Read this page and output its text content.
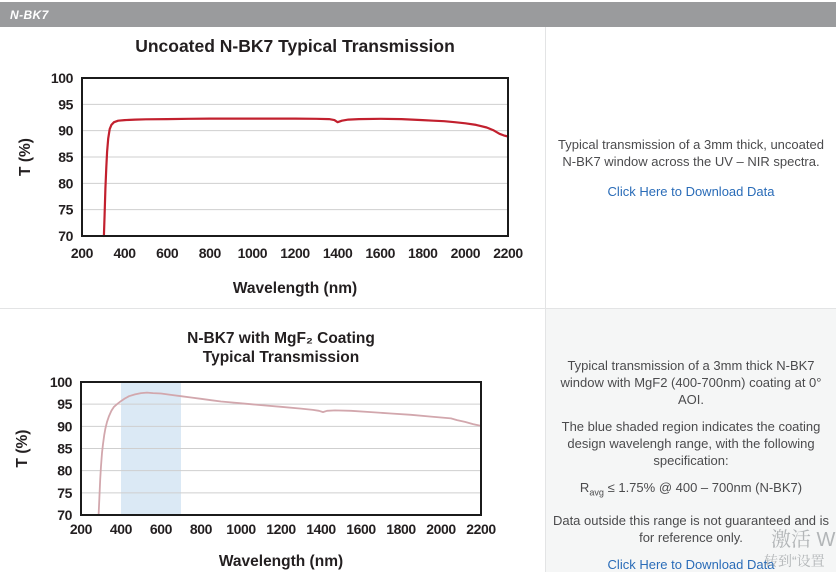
N-BK7
Uncoated N-BK7 Typical Transmission
200 400 600 800 1000 1200 1400 1600 1800 2000 2200
70
75
80
85
90
95
100
Wavelength (nm)
T (%)
N-BK7 with MgF₂ Coating
Typical Transmission
200 400 600 800 1000 1200 1400 1600 1800 2000 2200
70
75
80
85
90
95
100
Wavelength (nm)
T (%)

Typical transmission of a 3mm thick, uncoated N-BK7 window across the UV – NIR spectra.

Click Here to Download Data

Typical transmission of a 3mm thick N-BK7 window with MgF2 (400-700nm) coating at 0° AOI.

The blue shaded region indicates the coating design wavelengh range, with the following specification:

$R_{avg} \le 1.75\%$ @ 400 – 700nm (N-BK7)

Data outside this range is not guaranteed and is for reference only.

Click Here to Download Data
激活 W
转到“设置
